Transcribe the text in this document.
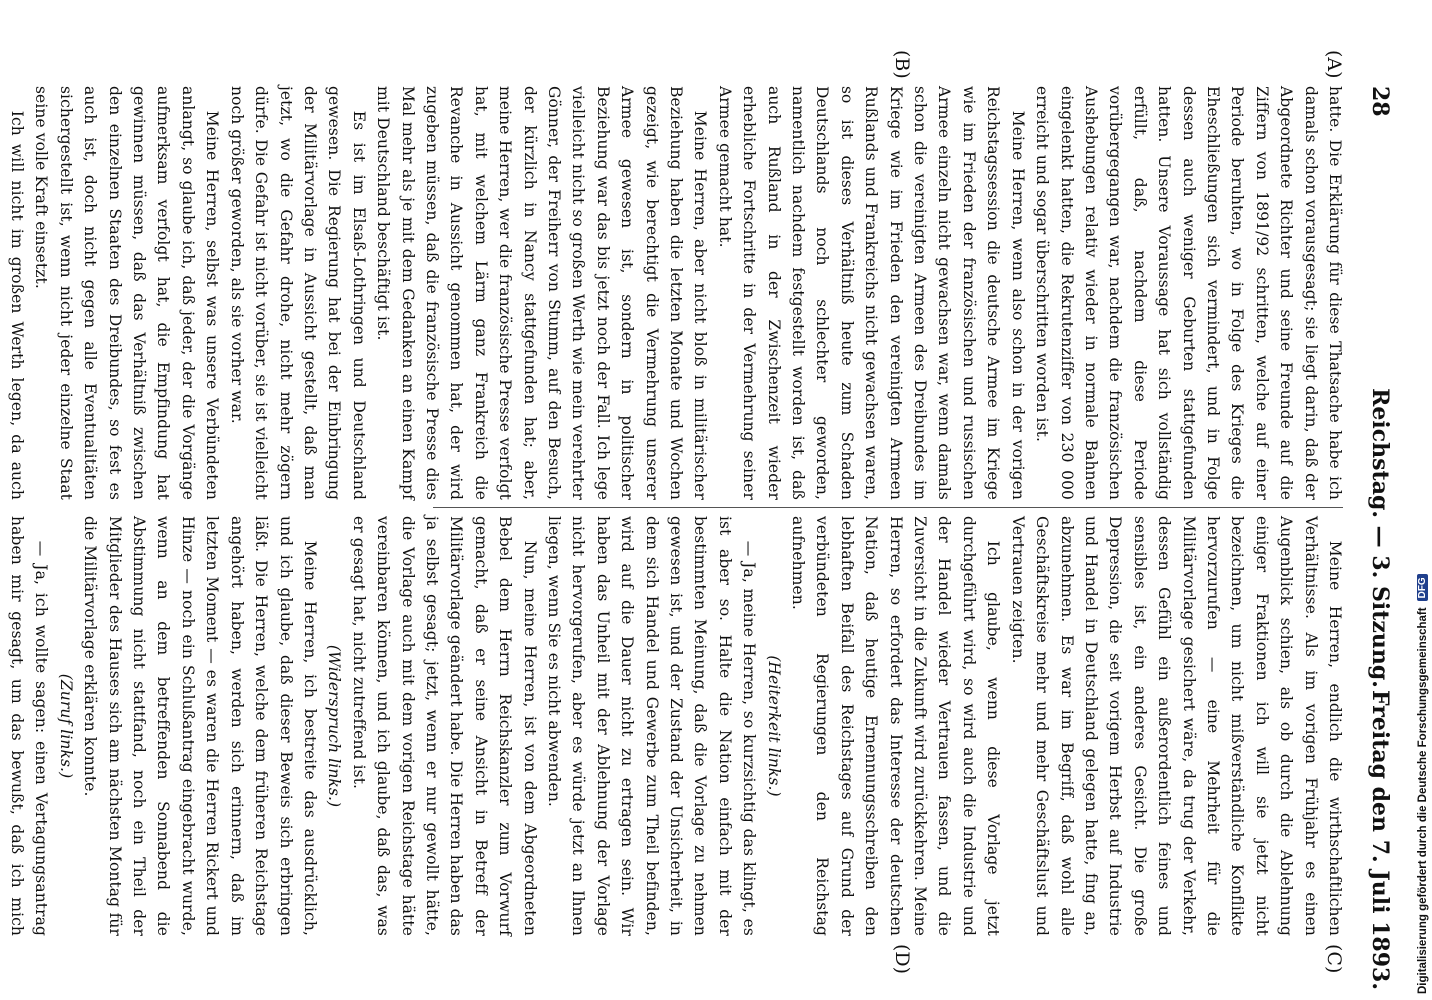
28
Reichstag. — 3. Sitzung.
Freitag den 7. Juli 1893.
(A)
(B)
(C)
(D)

hatte. Die Erklärung für diese Thatsache habe ich damals schon vorausgesagt; sie liegt darin, daß der Abgeordnete Richter und seine Freunde auf die Ziffern von 1891/92 schritten, welche auf einer Periode beruhten, wo in Folge des Krieges die Eheschließungen sich vermindert, und in Folge dessen auch weniger Geburten stattgefunden hatten. Unsere Voraussage hat sich vollständig erfüllt, daß, nachdem diese Periode vorübergegangen war, nachdem die französischen Aushebungen relativ wieder in normale Bahnen eingelenkt hatten, die Rekrutenziffer von 230 000 erreicht und sogar überschritten worden ist.

Meine Herren, wenn also schon in der vorigen Reichstagssession die deutsche Armee im Kriege wie im Frieden der französischen und russischen Armee einzeln nicht gewachsen war, wenn damals schon die vereinigten Armeen des Dreibundes im Kriege wie im Frieden den vereinigten Armeen Rußlands und Frankreichs nicht gewachsen waren, so ist dieses Verhältniß heute zum Schaden Deutschlands noch schlechter geworden, namentlich nachdem festgestellt worden ist, daß auch Rußland in der Zwischenzeit wieder erhebliche Fortschritte in der Vermehrung seiner Armee gemacht hat.

Meine Herren, aber nicht bloß in militärischer Beziehung haben die letzten Monate und Wochen gezeigt, wie berechtigt die Vermehrung unserer Armee gewesen ist, sondern in politischer Beziehung war das bis jetzt noch der Fall. Ich lege vielleicht nicht so großen Werth wie mein verehrter Gönner, der Freiherr von Stumm, auf den Besuch, der kürzlich in Nancy stattgefunden hat; aber, meine Herren, wer die französische Presse verfolgt hat, mit welchem Lärm ganz Frankreich die Revanche in Aussicht genommen hat, der wird zugeben müssen, daß die französische Presse dies Mal mehr als je mit dem Gedanken an einen Kampf mit Deutschland beschäftigt ist.

Es ist im Elsaß-Lothringen und Deutschland gewesen. Die Regierung hat bei der Einbringung der Militärvorlage in Aussicht gestellt, daß man jetzt, wo die Gefahr drohe, nicht mehr zögern dürfe. Die Gefahr ist nicht vorüber, sie ist vielleicht noch größer geworden, als sie vorher war.

Meine Herren, selbst was unsere Verbündeten anlangt, so glaube ich, daß jeder, der die Vorgänge aufmerksam verfolgt hat, die Empfindung hat gewinnen müssen, daß das Verhältniß zwischen den einzelnen Staaten des Dreibundes, so fest es auch ist, doch nicht gegen alle Eventualitäten sichergestellt ist, wenn nicht jeder einzelne Staat seine volle Kraft einsetzt.

Ich will nicht im großen Werth legen, da auch

Meine Herren, endlich die wirthschaftlichen Verhältnisse. Als im vorigen Frühjahr es einen Augenblick schien, als ob durch die Ablehnung einiger Fraktionen ich will sie jetzt nicht bezeichnen, um nicht mißverständliche Konflikte hervorzurufen — eine Mehrheit für die Militärvorlage gesichert wäre, da trug der Verkehr, dessen Gefühl ein außerordentlich feines und sensibles ist, ein anderes Gesicht. Die große Depression, die seit vorigem Herbst auf Industrie und Handel in Deutschland gelegen hatte, fing an, abzunehmen. Es war im Begriff, daß wohl alle Geschäftskreise mehr und mehr Geschäftslust und Vertrauen zeigten.

Ich glaube, wenn diese Vorlage jetzt durchgeführt wird, so wird auch die Industrie und der Handel wieder Vertrauen fassen, und die Zuversicht in die Zukunft wird zurückkehren. Meine Herren, so erfordert das Interesse der deutschen Nation, daß heutige Ernennungsschreiben den lebhaften Beifall des Reichstages auf Grund der verbündeten Regierungen den Reichstag aufnehmen.

(Heiterkeit links.)

— Ja, meine Herren, so kurzsichtig das klingt, es ist aber so. Halte die Nation einfach mit der bestimmten Meinung, daß die Vorlage zu nehmen gewesen ist, und der Zustand der Unsicherheit, in dem sich Handel und Gewerbe zum Theil befinden, wird auf die Dauer nicht zu ertragen sein. Wir haben das Unheil mit der Ablehnung der Vorlage nicht hervorgerufen, aber es würde jetzt an Ihnen liegen, wenn Sie es nicht abwenden.

Nun, meine Herren, ist von dem Abgeordneten Bebel dem Herrn Reichskanzler zum Vorwurf gemacht, daß er seine Ansicht in Betreff der Militärvorlage geändert habe. Die Herren haben das ja selbst gesagt; jetzt, wenn er nur gewollt hätte, die Vorlage auch mit dem vorigen Reichstage hätte vereinbaren können, und ich glaube, daß das, was er gesagt hat, nicht zutreffend ist.

(Widerspruch links.)

Meine Herren, ich bestreite das ausdrücklich, und ich glaube, daß dieser Beweis sich erbringen läßt. Die Herren, welche dem früheren Reichstage angehört haben, werden sich erinnern, daß im letzten Moment — es waren die Herren Rickert und Hinze — noch ein Schlußantrag eingebracht wurde, wenn an dem betreffenden Sonnabend die Abstimmung nicht stattfand, noch ein Theil der Mitglieder des Hauses sich am nächsten Montag für die Militärvorlage erklären konnte.

(Zuruf links.)

— Ja, ich wollte sagen: einen Vertagungsantrag haben mir gesagt, um das bewußt, daß ich mich	Digitalisierung gefördert durch die Deutsche ForschungsgemeinschaftDFG
